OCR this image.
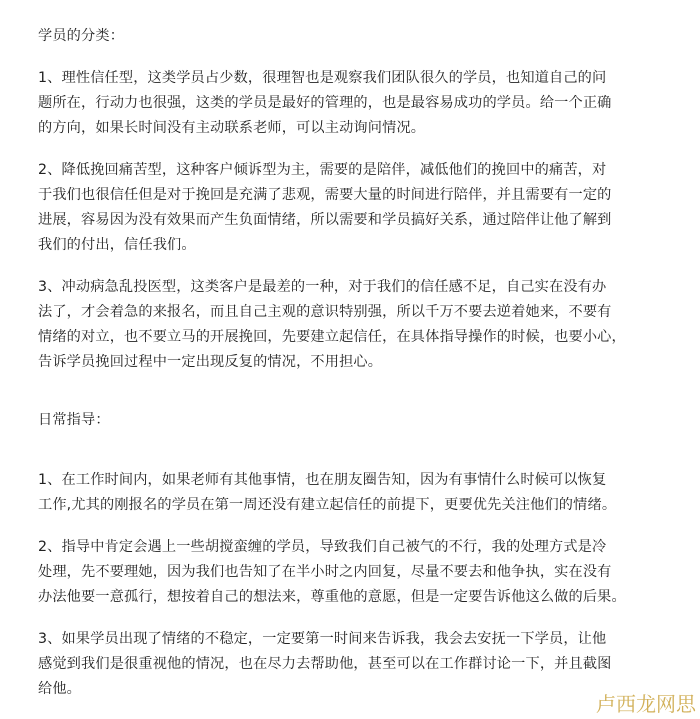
学员的分类：
1、理性信任型，这类学员占少数，很理智也是观察我们团队很久的学员，也知道自己的问
题所在，行动力也很强，这类的学员是最好的管理的，也是最容易成功的学员。给一个正确
的方向，如果长时间没有主动联系老师，可以主动询问情况。
2、降低挽回痛苦型，这种客户倾诉型为主，需要的是陪伴，减低他们的挽回中的痛苦，对
于我们也很信任但是对于挽回是充满了悲观，需要大量的时间进行陪伴，并且需要有一定的
进展，容易因为没有效果而产生负面情绪，所以需要和学员搞好关系，通过陪伴让他了解到
我们的付出，信任我们。
3、冲动病急乱投医型，这类客户是最差的一种，对于我们的信任感不足，自己实在没有办
法了，才会着急的来报名，而且自己主观的意识特别强，所以千万不要去逆着她来，不要有
情绪的对立，也不要立马的开展挽回，先要建立起信任，在具体指导操作的时候，也要小心，
告诉学员挽回过程中一定出现反复的情况，不用担心。
日常指导：
1、在工作时间内，如果老师有其他事情，也在朋友圈告知，因为有事情什么时候可以恢复
工作,尤其的刚报名的学员在第一周还没有建立起信任的前提下，更要优先关注他们的情绪。
2、指导中肯定会遇上一些胡搅蛮缠的学员，导致我们自己被气的不行，我的处理方式是冷
处理，先不要理她，因为我们也告知了在半小时之内回复，尽量不要去和他争执，实在没有
办法他要一意孤行，想按着自己的想法来，尊重他的意愿，但是一定要告诉他这么做的后果。
3、如果学员出现了情绪的不稳定，一定要第一时间来告诉我，我会去安抚一下学员，让他
感觉到我们是很重视他的情况，也在尽力去帮助他，甚至可以在工作群讨论一下，并且截图
给他。
卢西龙网思
